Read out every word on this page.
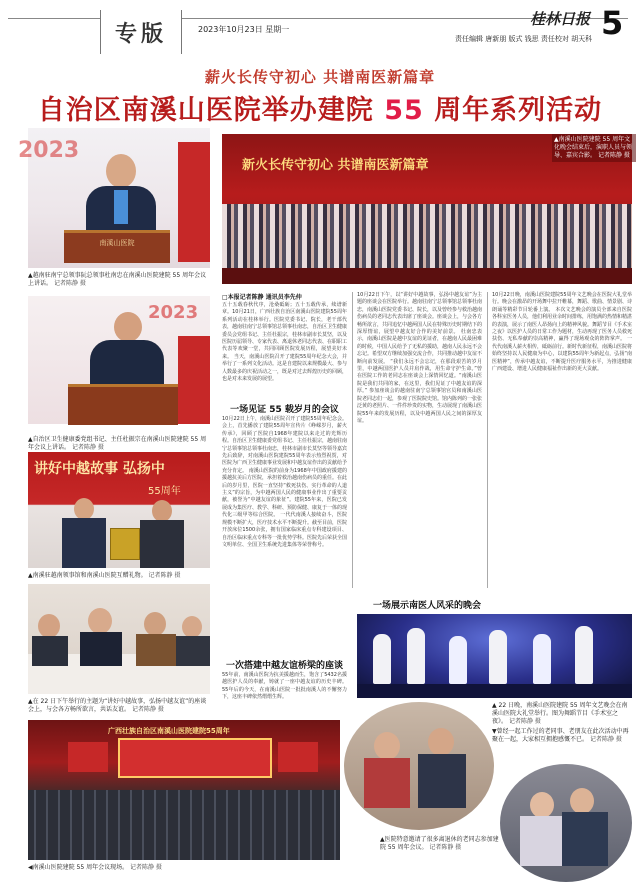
专版	2023年10月23日 星期一
桂林日报 5
责任编辑 唐新朋 版式 钱思 责任校对 胡天科
薪火长传守初心 共谱南医新篇章
自治区南溪山医院举办建院 55 周年系列活动
2023
南溪山医院
▲越南驻南宁总领事阮总领事杜南忠在南溪山医院建院 55 周年会议上讲话。 记者陈静 摄
2023
▲自治区卫生健康委党组书记、主任杜振宗在南溪山医院建院 55 周年会议上讲话。 记者陈静 摄
讲好中越故事 弘扬中
55周年
▲南溪驻越南领事馆和南溪山医院互赠礼物。 记者陈静 摄
▲在 22 日下午举行的主题为“讲好中越故事，弘扬中越友谊”的座谈会上，与会各方畅所欲言，共话友谊。 记者陈静 摄
广西壮族自治区南溪山医院建院55周年
◀南溪山医院建院 55 周年会议现场。 记者陈静 摄
新火长传守初心 共谱南医新篇章
▲南溪山医院建院 55 周年文化晚会结束后，演职人员与领导、嘉宾合影。 记者陈静 摄
□本报记者陈静 通讯员李先仲
五十五载春秋代序，沧桑砥砺；五十五载传承，续谱新章。10月21日，广西壮族自治区南溪山医院建院55周年系列活动在桂林举行。医院党委书记、院长，老干部代表，越南驻南宁总领事馆总领事杜南忠，自治区卫生健康委员会党组书记、主任杜振宗，桂林市副市长莫坚，以及医院历届领导、专家代表、离退休老同志代表、在职职工代表等欢聚一堂，共同回顾医院发展历程，展望美好未来。 当天，南溪山医院召开了建院55周年纪念大会，并举行了一系列文化活动。这是自建院以来规模最大、参与人数最多的庆祝活动之一，既是对过去辉煌历史的回顾，也是对未来发展的展望。
一场见证 55 载岁月的会议
10月22日上午，南溪山医院召开了建院55周年纪念会。会上，首先播放了建院55周年宣传片《峥嵘岁月，薪火传承》，回顾了医院自1968年建院以来走过的光辉历程。自治区卫生健康委党组书记、主任杜振宗，越南驻南宁总领事馆总领事杜南忠，桂林市副市长莫坚等领导嘉宾先后致辞，对南溪山医院建院55周年表示热烈祝贺，对医院为广西卫生健康事业发展和中越友谊作出的贡献给予充分肯定。 南溪山医院的前身为1968年中国政府援建的援越抗美后方医院，承担着救治越南伤病员的重任。在此后的岁月里，医院一直坚持“救死扶伤、实行革命的人道主义”的宗旨，为中越两国人民的健康事业作出了重要贡献，被誉为“中越友谊的象征”。建院55年来，医院已发展成为集医疗、教学、科研、预防保健、康复于一体的现代化三级甲等综合医院。 一代代南溪人接续奋斗，医院规模不断扩大，医疗技术水平不断提升。截至目前，医院开放床位1500余张，拥有国家临床重点专科建设项目、自治区临床重点专科等一批优势学科。医院先后荣获全国文明单位、全国卫生系统先进集体等荣誉称号。
一次搭建中越友谊桥梁的座谈
55年前，南溪山医院为抗美援越而生，饱含了5432名援越医护人员的奉献，铸就了一座中越友谊的历史丰碑。55年后的今天，在南溪山医院一批批南溪人的不懈努力下，这座丰碑依然熠熠生辉。
10月22日下午，以“讲好中越故事，弘扬中越友谊”为主题的座谈会在医院举行。越南驻南宁总领事馆总领事杜南忠，南溪山医院党委书记、院长，以及曾经参与救治越南伤病员的老同志代表出席了座谈会。座谈会上，与会各方畅所欲言，共同追忆中越两国人民在特殊历史时期结下的深厚情谊，展望中越友好合作的美好前景。 杜南忠表示，南溪山医院是越中友谊的见证者，在越南人民最困难的时候，中国人民给予了无私的援助，越南人民永远不会忘记。希望双方继续加强交流合作，共同推动越中友谊不断向前发展。 “我们永远不会忘记，在那段艰苦的岁月里，中越两国医护人员并肩作战，用生命守护生命。”曾在医院工作的老同志在座谈会上深情回忆道。“南溪山医院是我们共同的家，在这里，我们见证了中越友谊的深厚。” 参加座谈会的越南驻南宁总领事馆官员和南溪山医院老同志们一起，参观了医院院史馆。馆内陈列的一张张泛黄的老照片、一件件珍贵的实物，生动展现了南溪山医院55年来的发展历程，以及中越两国人民之间的深厚友谊。
10月22日晚，南溪山医院建院55周年文艺晚会在医院大礼堂举行。晚会在激昂的开场舞中拉开帷幕，舞蹈、歌曲、情景剧、诗朗诵等精彩节目轮番上演。 本次文艺晚会的演员全部来自医院各科室医务人员，他们利用业余时间排练，用饱满的热情和精湛的表演，展示了南医人昂扬向上的精神风貌。舞蹈节目《手术室之夜》以医护人员的日常工作为题材，生动再现了医务人员救死扶伤、无私奉献的崇高精神，赢得了现场观众的阵阵掌声。 一代代南溪人薪火相传，砥砺前行。新时代新征程，南溪山医院将始终坚持以人民健康为中心，以建院55周年为新起点，弘扬“南医精神”，传承中越友谊，不断提升医疗服务水平，为推进健康广西建设、增进人民健康福祉作出新的更大贡献。
一场展示南医人风采的晚会
▲ 22 日晚，南溪山医院建院 55 周年文艺晚会在南溪山医院大礼堂举行。图为舞蹈节目《手术室之夜》。 记者陈静 摄
▲医院特意邀请了很多离退休的老同志参加建院 55 周年会议。 记者陈静 摄
▼曾经一起工作过的老同事、老朋友在此次活动中再聚在一起，大家相互拥抱感慨不已。 记者陈静 摄
